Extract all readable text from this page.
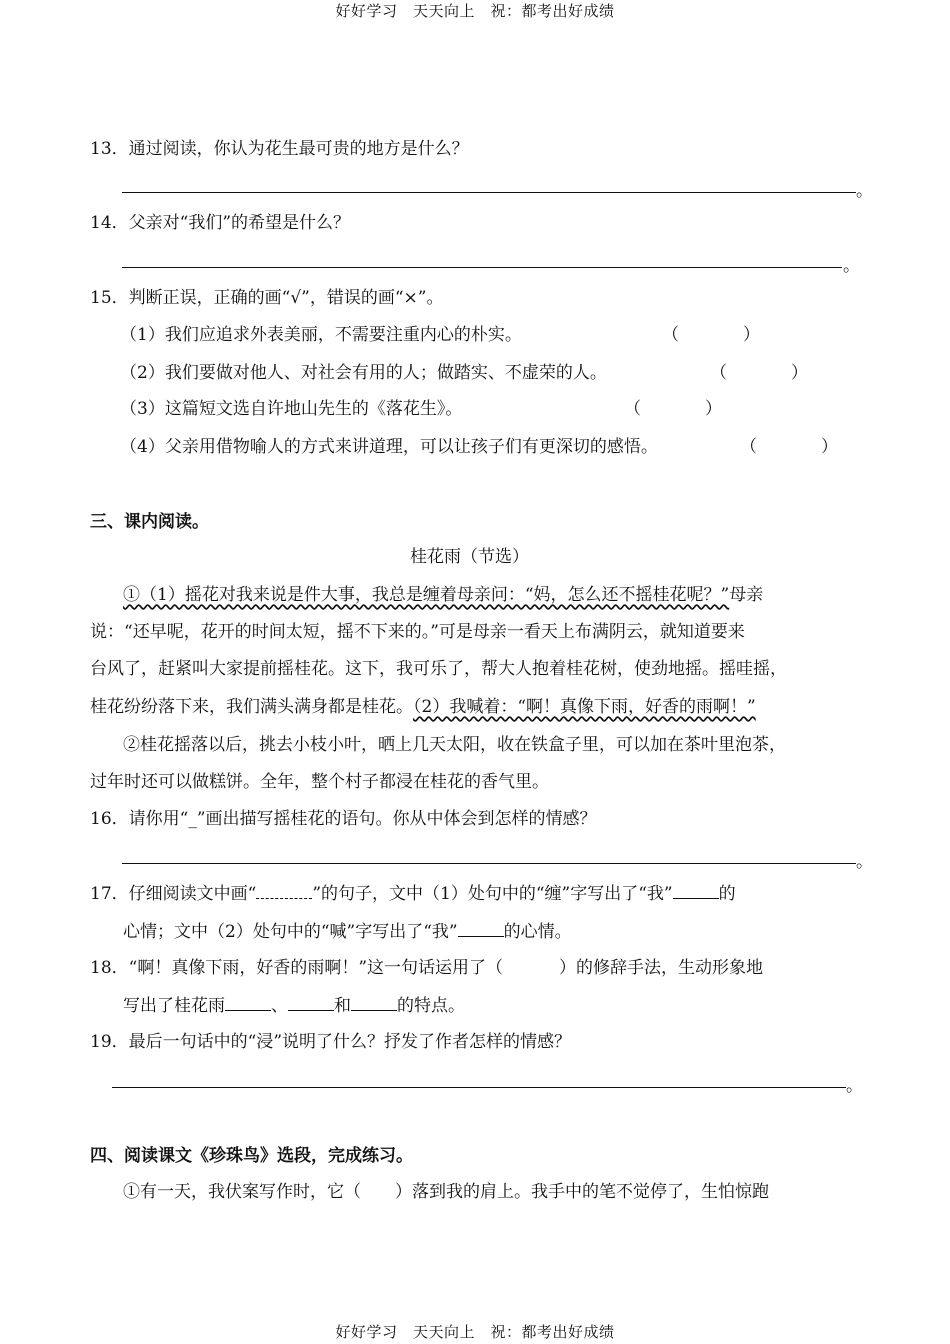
好好学习　天天向上　祝：都考出好成绩
13．通过阅读，你认为花生最可贵的地方是什么？
。
14．父亲对“我们”的希望是什么？
。
15．判断正误，正确的画“√”，错误的画“×”。
（1）我们应追求外表美丽，不需要注重内心的朴实。	（	）
（2）我们要做对他人、对社会有用的人；做踏实、不虚荣的人。	（	）
（3）这篇短文选自许地山先生的《落花生》。	（	）
（4）父亲用借物喻人的方式来讲道理，可以让孩子们有更深切的感悟。	（	）
三、课内阅读。
桂花雨（节选）
①（1）摇花对我来说是件大事，我总是缠着母亲问：“妈，怎么还不摇桂花呢？”母亲
说：“还早呢，花开的时间太短，摇不下来的。”可是母亲一看天上布满阴云，就知道要来
台风了，赶紧叫大家提前摇桂花。这下，我可乐了，帮大人抱着桂花树，使劲地摇。摇哇摇，
桂花纷纷落下来，我们满头满身都是桂花。（2）我喊着：“啊！真像下雨，好香的雨啊！”
②桂花摇落以后，挑去小枝小叶，晒上几天太阳，收在铁盒子里，可以加在茶叶里泡茶，
过年时还可以做糕饼。全年，整个村子都浸在桂花的香气里。
16．请你用“_”画出描写摇桂花的语句。你从中体会到怎样的情感？
。
17．仔细阅读文中画“	”的句子，文中（1）处句中的“缠”字写出了“我”	的
心情；文中（2）处句中的“喊”字写出了“我”	的心情。
18．“啊！真像下雨，好香的雨啊！”这一句话运用了（	）的修辞手法，生动形象地
写出了桂花雨	、	和	的特点。
19．最后一句话中的“浸”说明了什么？抒发了作者怎样的情感？
。
四、阅读课文《珍珠鸟》选段，完成练习。
①有一天，我伏案写作时，它（ ）落到我的肩上。我手中的笔不觉停了，生怕惊跑
好好学习　天天向上　祝：都考出好成绩
